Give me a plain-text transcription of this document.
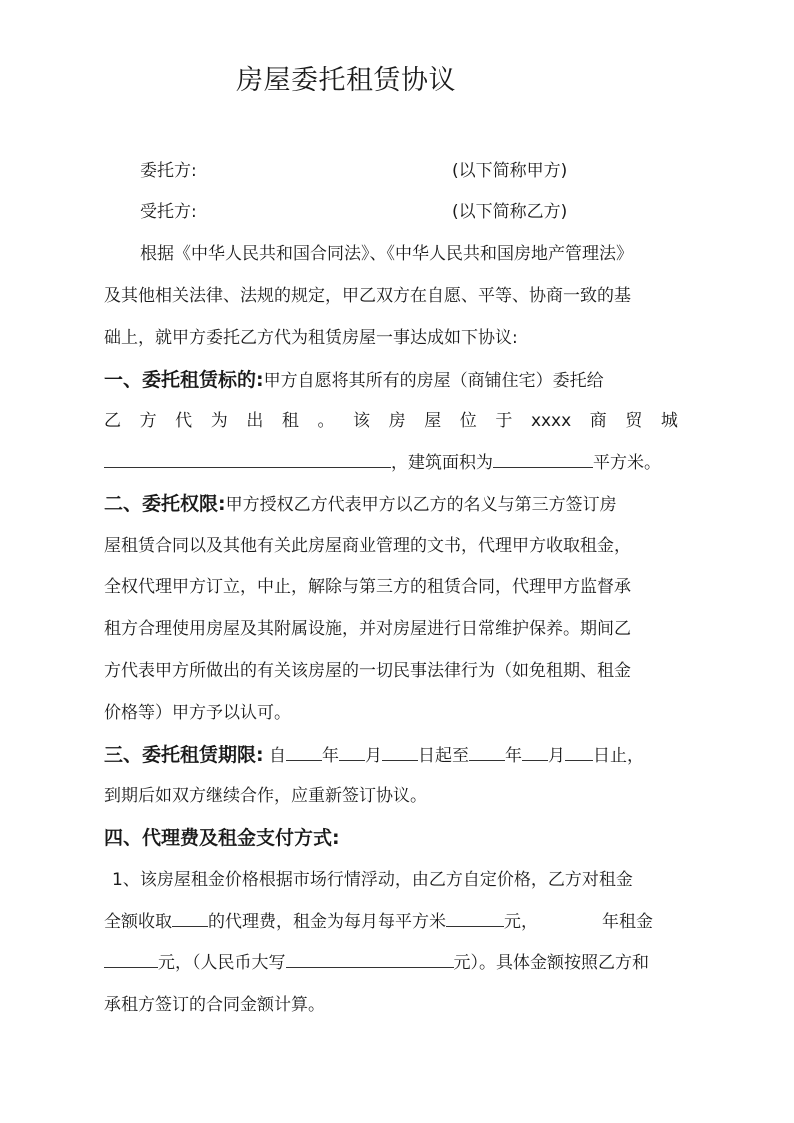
房屋委托租赁协议
委托方:	(以下简称甲方)
受托方:	(以下简称乙方)
根据《中华人民共和国合同法》、《中华人民共和国房地产管理法》
及其他相关法律、法规的规定，甲乙双方在自愿、平等、协商一致的基
础上，就甲方委托乙方代为租赁房屋一事达成如下协议:
一、委托租赁标的:甲方自愿将其所有的房屋（商铺住宅）委托给
乙 方 代 为 出 租 。 该 房 屋 位 于 xxxx 商 贸 城
，建筑面积为	平方米。
二、委托权限:甲方授权乙方代表甲方以乙方的名义与第三方签订房
屋租赁合同以及其他有关此房屋商业管理的文书，代理甲方收取租金，
全权代理甲方订立，中止，解除与第三方的租赁合同，代理甲方监督承
租方合理使用房屋及其附属设施，并对房屋进行日常维护保养。期间乙
方代表甲方所做出的有关该房屋的一切民事法律行为（如免租期、租金
价格等）甲方予以认可。
三、委托租赁期限: 自 年 月 日起至 年 月 日止，
到期后如双方继续合作，应重新签订协议。
四、代理费及租金支付方式:
1、该房屋租金价格根据市场行情浮动，由乙方自定价格，乙方对租金
全额收取 的代理费，租金为每月每平方米	元，	年租金
元，（人民币大写	元）。具体金额按照乙方和
承租方签订的合同金额计算。
